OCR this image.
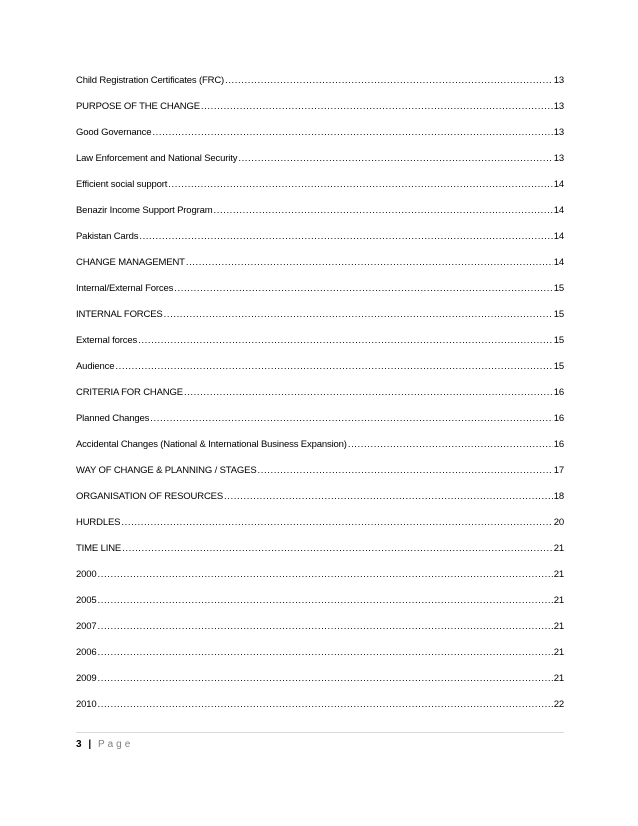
Child Registration Certificates (FRC) .....	13
PURPOSE OF THE CHANGE .....	13
Good Governance .....	13
Law Enforcement and National Security .....	13
Efficient social support .....	14
Benazir Income Support Program .....	14
Pakistan Cards .....	14
CHANGE MANAGEMENT .....	14
Internal/External Forces .....	15
INTERNAL FORCES .....	15
External forces .....	15
Audience .....	15
CRITERIA FOR CHANGE .....	16
Planned Changes .....	16
Accidental Changes (National & International Business Expansion) .....	16
WAY OF CHANGE & PLANNING / STAGES .....	17
ORGANISATION OF RESOURCES .....	18
HURDLES .....	20
TIME LINE .....	21
2000 .....	21
2005 .....	21
2007 .....	21
2006 .....	21
2009 .....	21
2010 .....	22
3 | Page
